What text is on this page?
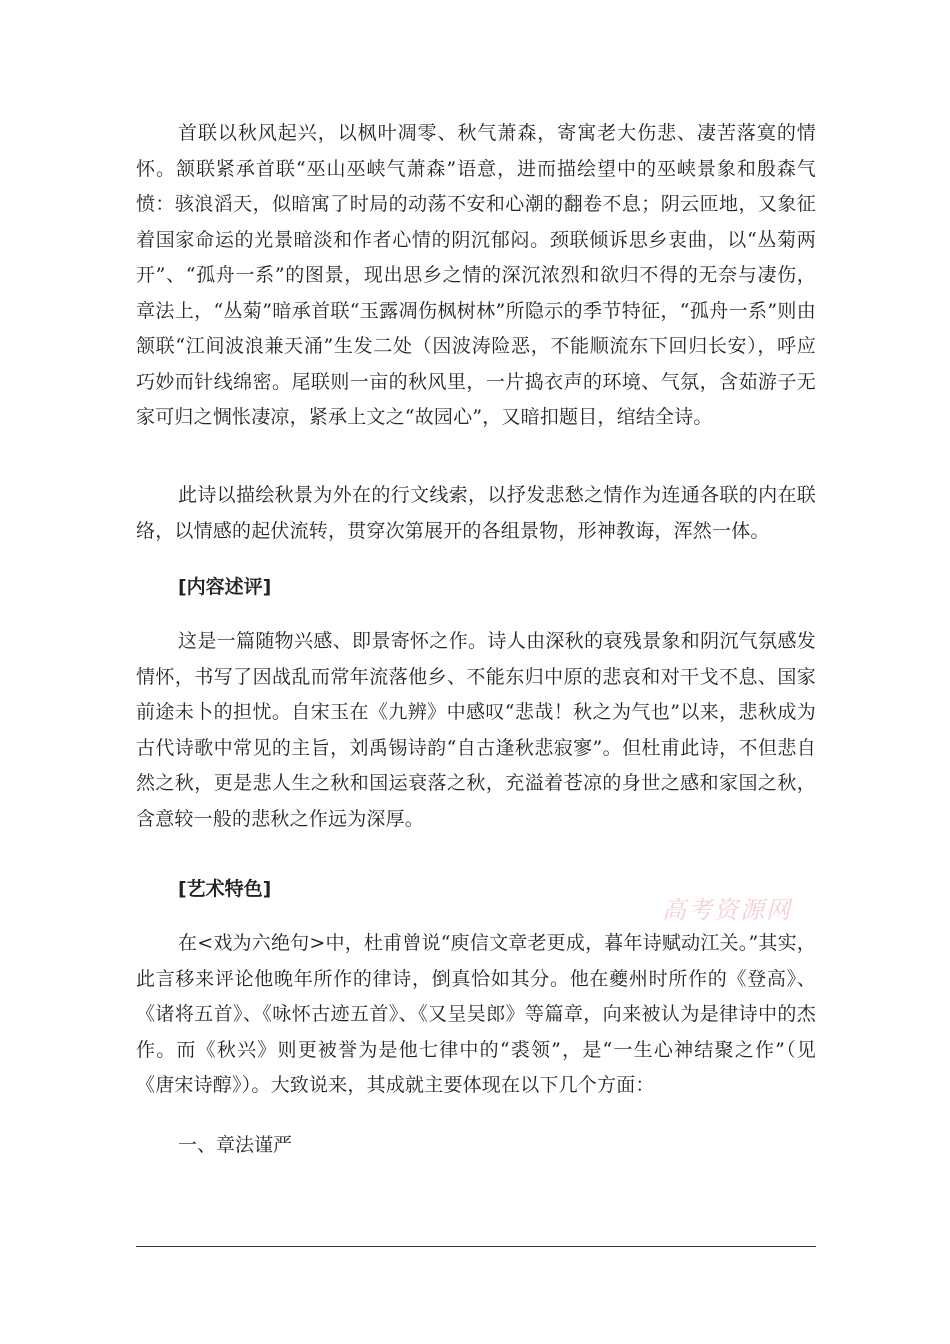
首联以秋风起兴，以枫叶凋零、秋气萧森，寄寓老大伤悲、凄苦落寞的情怀。颔联紧承首联“巫山巫峡气萧森”语意，进而描绘望中的巫峡景象和殷森气愤：骇浪滔天，似暗寓了时局的动荡不安和心潮的翻卷不息；阴云匝地，又象征着国家命运的光景暗淡和作者心情的阴沉郁闷。颈联倾诉思乡衷曲，以“丛菊两开”、“孤舟一系”的图景，现出思乡之情的深沉浓烈和欲归不得的无奈与凄伤，章法上，“丛菊”暗承首联“玉露凋伤枫树林”所隐示的季节特征，“孤舟一系”则由颔联“江间波浪兼天涌”生发二处（因波涛险恶，不能顺流东下回归长安），呼应巧妙而针线绵密。尾联则一亩的秋风里，一片捣衣声的环境、气氛，含茹游子无家可归之惆怅凄凉，紧承上文之“故园心”，又暗扣题目，绾结全诗。

此诗以描绘秋景为外在的行文线索，以抒发悲愁之情作为连通各联的内在联络，以情感的起伏流转，贯穿次第展开的各组景物，形神教诲，浑然一体。

[内容述评]

这是一篇随物兴感、即景寄怀之作。诗人由深秋的衰残景象和阴沉气氛感发情怀，书写了因战乱而常年流落他乡、不能东归中原的悲哀和对干戈不息、国家前途未卜的担忧。自宋玉在《九辨》中感叹“悲哉！秋之为气也”以来，悲秋成为古代诗歌中常见的主旨，刘禹锡诗韵“自古逢秋悲寂寥”。但杜甫此诗，不但悲自然之秋，更是悲人生之秋和国运衰落之秋，充溢着苍凉的身世之感和家国之秋，含意较一般的悲秋之作远为深厚。

[艺术特色]

高考资源网

在<戏为六绝句>中，杜甫曾说“庾信文章老更成，暮年诗赋动江关。”其实，此言移来评论他晚年所作的律诗，倒真恰如其分。他在夔州时所作的《登高》、《诸将五首》、《咏怀古迹五首》、《又呈吴郎》等篇章，向来被认为是律诗中的杰作。而《秋兴》则更被誉为是他七律中的“裘领”，是“一生心神结聚之作”（见《唐宋诗醇》）。大致说来，其成就主要体现在以下几个方面：

一、章法谨严
